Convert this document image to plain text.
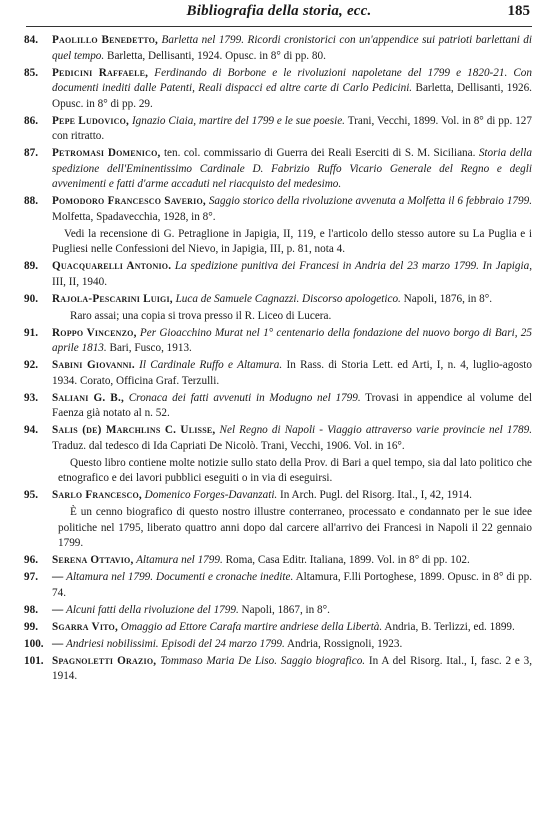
Bibliografia della storia, ecc.	185
84.	Paolillo Benedetto, Barletta nel 1799. Ricordi cronistorici con un'appendice sui patrioti barlettani di quel tempo. Barletta, Dellisanti, 1924. Opusc. in 8° di pp. 80.
85.	Pedicini Raffaele, Ferdinando di Borbone e le rivoluzioni napoletane del 1799 e 1820-21. Con documenti inediti dalle Patenti, Reali dispacci ed altre carte di Carlo Pedicini. Barletta, Dellisanti, 1926. Opusc. in 8° di pp. 29.
86.	Pepe Ludovico, Ignazio Ciaia, martire del 1799 e le sue poesie. Trani, Vecchi, 1899. Vol. in 8° di pp. 127 con ritratto.
87.	Petromasi Domenico, ten. col. commissario di Guerra dei Reali Eserciti di S. M. Siciliana. Storia della spedizione dell'Eminentissimo Cardinale D. Fabrizio Ruffo Vicario Generale del Regno e degli avvenimenti e fatti d'arme accaduti nel riacquisto del medesimo.
88.	Pomodoro Francesco Saverio, Saggio storico della rivoluzione avvenuta a Molfetta il 6 febbraio 1799. Molfetta, Spadavecchia, 1928, in 8°.
Vedi la recensione di G. Petraglione in Japigia, II, 119, e l'articolo dello stesso autore su La Puglia e i Pugliesi nelle Confessioni del Nievo, in Japigia, III, p. 81, nota 4.
89.	Quacquarelli Antonio. La spedizione punitiva dei Francesi in Andria del 23 marzo 1799. In Japigia, III, II, 1940.
90.	Rajola-Pescarini Luigi, Luca de Samuele Cagnazzi. Discorso apologetico. Napoli, 1876, in 8°.
Raro assai; una copia si trova presso il R. Liceo di Lucera.
91.	Roppo Vincenzo, Per Gioacchino Murat nel 1° centenario della fondazione del nuovo borgo di Bari, 25 aprile 1813. Bari, Fusco, 1913.
92.	Sabini Giovanni. Il Cardinale Ruffo e Altamura. In Rass. di Storia Lett. ed Arti, I, n. 4, luglio-agosto 1934. Corato, Officina Graf. Terzulli.
93.	Saliani G. B., Cronaca dei fatti avvenuti in Modugno nel 1799. Trovasi in appendice al volume del Faenza già notato al n. 52.
94.	Salis (de) Marchlins C. Ulisse, Nel Regno di Napoli - Viaggio attraverso varie provincie nel 1789. Traduz. dal tedesco di Ida Capriati De Nicolò. Trani, Vecchi, 1906. Vol. in 16°.
Questo libro contiene molte notizie sullo stato della Prov. di Bari a quel tempo, sia dal lato politico che etnografico e dei lavori pubblici eseguiti o in via di eseguirsi.
95.	Sarlo Francesco, Domenico Forges-Davanzati. In Arch. Pugl. del Risorg. Ital., I, 42, 1914.
È un cenno biografico di questo nostro illustre conterraneo, processato e condannato per le sue idee politiche nel 1795, liberato quattro anni dopo dal carcere all'arrivo dei Francesi in Napoli il 22 gennaio 1799.
96.	Serena Ottavio, Altamura nel 1799. Roma, Casa Editr. Italiana, 1899. Vol. in 8° di pp. 102.
97.	— Altamura nel 1799. Documenti e cronache inedite. Altamura, F.lli Portoghese, 1899. Opusc. in 8° di pp. 74.
98.	— Alcuni fatti della rivoluzione del 1799. Napoli, 1867, in 8°.
99.	Sgarra Vito, Omaggio ad Ettore Carafa martire andriese della Libertà. Andria, B. Terlizzi, ed. 1899.
100. — Andriesi nobilissimi. Episodi del 24 marzo 1799. Andria, Rossignoli, 1923.
101. Spagnoletti Orazio, Tommaso Maria De Liso. Saggio biografico. In A del Risorg. Ital., I, fasc. 2 e 3, 1914.
